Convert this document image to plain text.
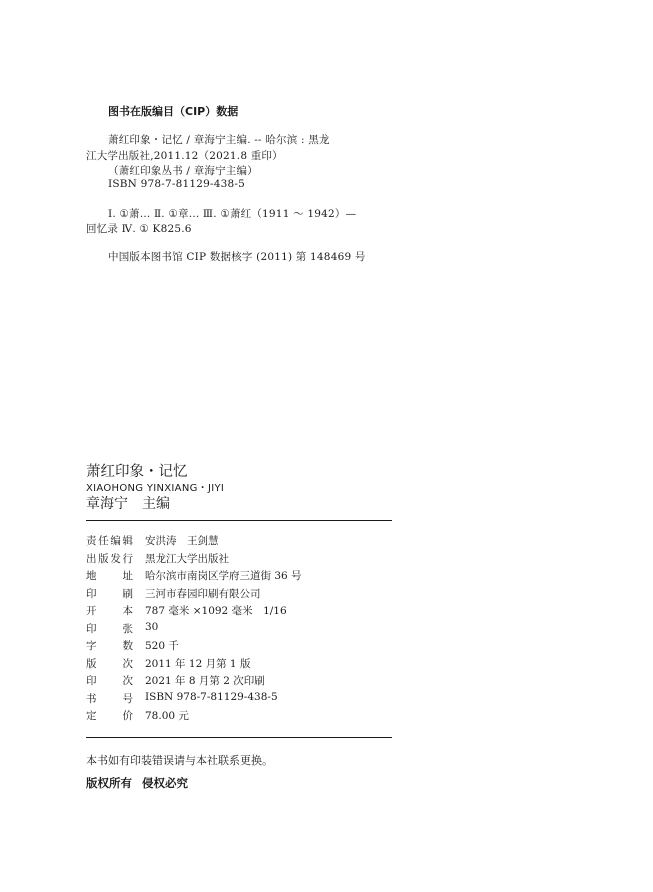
图书在版编目（CIP）数据
萧红印象・记忆 / 章海宁主编. -- 哈尔滨 : 黑龙
江大学出版社,2011.12（2021.8 重印）
（萧红印象丛书 / 章海宁主编）
ISBN 978-7-81129-438-5
Ⅰ. ①萧… Ⅱ. ①章… Ⅲ. ①萧红（1911 ～ 1942）—
回忆录 Ⅳ. ① K825.6
中国版本图书馆 CIP 数据核字 (2011) 第 148469 号
萧红印象・记忆
XIAOHONG YINXIANG・JIYI
章海宁 主编
责 任 编 辑 安洪涛　王剑慧
出 版 发 行 黑龙江大学出版社
地 址 哈尔滨市南岗区学府三道街 36 号
印 刷 三河市春园印刷有限公司
开 本 787 毫米 ×1092 毫米　1/16
印 张 30
字 数 520 千
版 次 2011 年 12 月第 1 版
印 次 2021 年 8 月第 2 次印刷
书 号 ISBN 978-7-81129-438-5
定 价 78.00 元
本书如有印装错误请与本社联系更换。
版权所有 侵权必究
